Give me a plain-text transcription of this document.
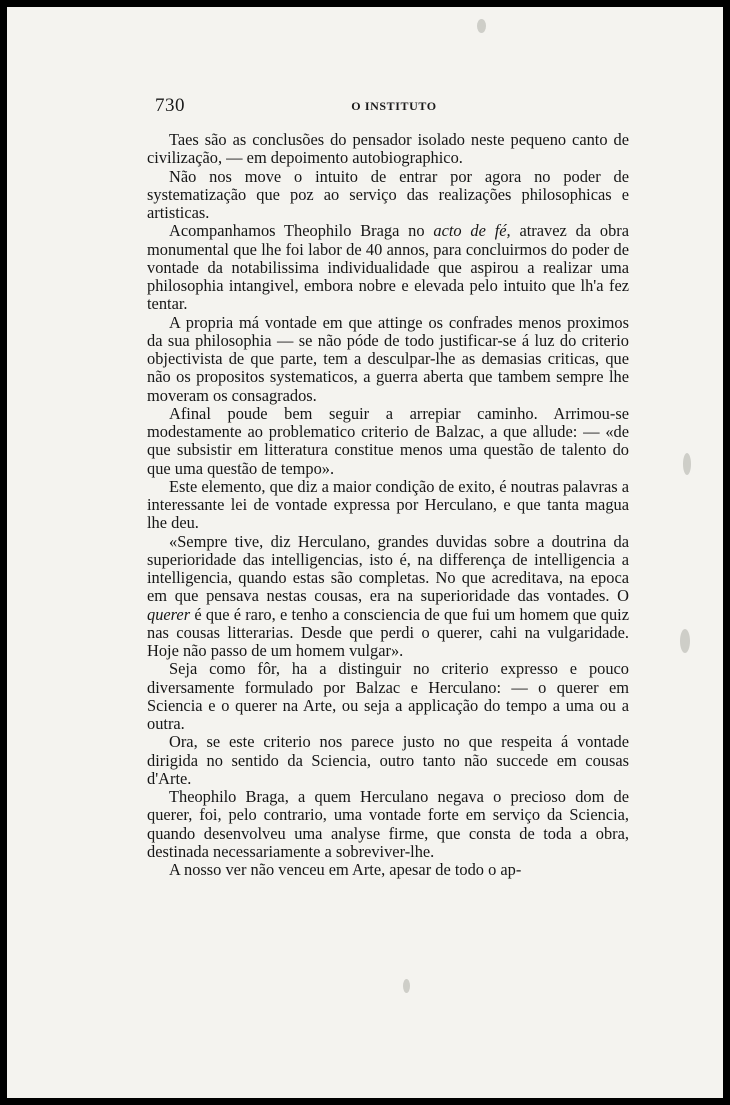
730	O INSTITUTO

Taes são as conclusões do pensador isolado neste pequeno canto de civilização, — em depoimento autobiographico.

Não nos move o intuito de entrar por agora no poder de systematização que poz ao serviço das realizações philosophicas e artisticas.

Acompanhamos Theophilo Braga no acto de fé, atravez da obra monumental que lhe foi labor de 40 annos, para concluirmos do poder de vontade da notabilissima individualidade que aspirou a realizar uma philosophia intangivel, embora nobre e elevada pelo intuito que lh'a fez tentar.

A propria má vontade em que attinge os confrades menos proximos da sua philosophia — se não póde de todo justificar-se á luz do criterio objectivista de que parte, tem a desculpar-lhe as demasias criticas, que não os propositos systematicos, a guerra aberta que tambem sempre lhe moveram os consagrados.

Afinal poude bem seguir a arrepiar caminho. Arrimou-se modestamente ao problematico criterio de Balzac, a que allude: — «de que subsistir em litteratura constitue menos uma questão de talento do que uma questão de tempo».

Este elemento, que diz a maior condição de exito, é noutras palavras a interessante lei de vontade expressa por Herculano, e que tanta magua lhe deu.

«Sempre tive, diz Herculano, grandes duvidas sobre a doutrina da superioridade das intelligencias, isto é, na differença de intelligencia a intelligencia, quando estas são completas. No que acreditava, na epoca em que pensava nestas cousas, era na superioridade das vontades. O querer é que é raro, e tenho a consciencia de que fui um homem que quiz nas cousas litterarias. Desde que perdi o querer, cahi na vulgaridade. Hoje não passo de um homem vulgar».

Seja como fôr, ha a distinguir no criterio expresso e pouco diversamente formulado por Balzac e Herculano: — o querer em Sciencia e o querer na Arte, ou seja a applicação do tempo a uma ou a outra.

Ora, se este criterio nos parece justo no que respeita á vontade dirigida no sentido da Sciencia, outro tanto não succede em cousas d'Arte.

Theophilo Braga, a quem Herculano negava o precioso dom de querer, foi, pelo contrario, uma vontade forte em serviço da Sciencia, quando desenvolveu uma analyse firme, que consta de toda a obra, destinada necessariamente a sobreviver-lhe.

A nosso ver não venceu em Arte, apesar de todo o ap-
